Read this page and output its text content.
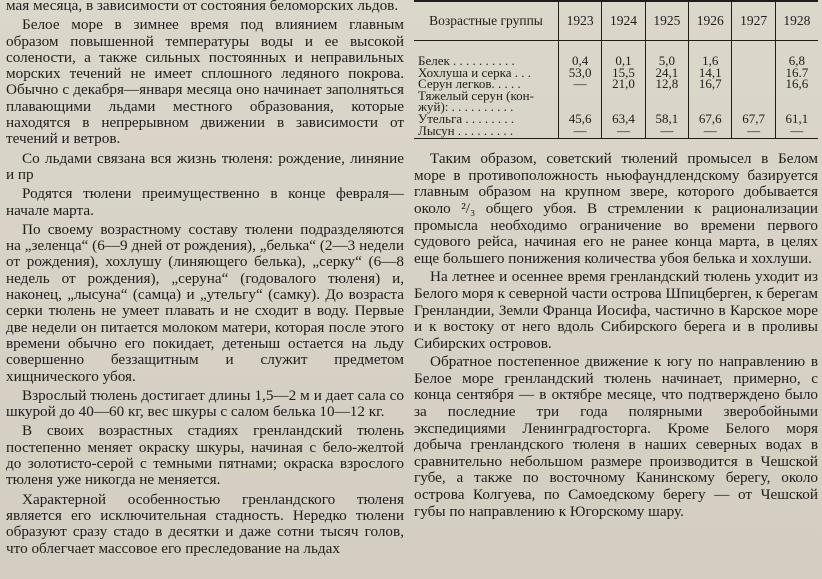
мая месяца, в зависимости от состояния беломорских льдов.

Белое море в зимнее время под влиянием главным образом повышенной температуры воды и ее высокой солености, а также сильных постоянных и неправильных морских течений не имеет сплошного ледяного покрова. Обычно с декабря—января месяца оно начинает заполняться плавающими льдами местного образования, которые находятся в непрерывном движении в зависимости от течений и ветров.

Со льдами связана вся жизнь тюленя: рождение, линяние и пр

Родятся тюлени преимущественно в конце февраля—начале марта.

По своему возрастному составу тюлени подразделяются на „зеленца“ (6—9 дней от рождения), „белька“ (2—3 недели от рождения), хохлушу (линяющего белька), „серку“ (6—8 недель от рождения), „серуна“ (годовалого тюленя) и, наконец, „лысуна“ (самца) и „утельгу“ (самку). До возраста серки тюлень не умеет плавать и не сходит в воду. Первые две недели он питается молоком матери, которая после этого времени обычно его покидает, детеныш остается на льду совершенно беззащитным и служит предметом хищнического убоя.

Взрослый тюлень достигает длины 1,5—2 м и дает сала со шкурой до 40—60 кг, вес шкуры с салом белька 10—12 кг.

В своих возрастных стадиях гренландский тюлень постепенно меняет окраску шкуры, начиная с бело-желтой до золотисто-серой с темными пятнами; окраска взрослого тюленя уже никогда не меняется.

Характерной особенностью гренландского тюленя является его исключительная стадность. Нередко тюлени образуют сразу стадо в десятки и даже сотни тысяч голов, что облегчает массовое его преследование на льдах

Возрастные группы	1923	1924	1925	1926	1927	1928

Белек . . . . . . . . . .	0,4	0,1	5,0	1,6		6,8
Хохлуша и серка . . .	53,0	15,5	24,1	14,1		16.7
Серун легков. . . . .	—	21,0	12,8	16,7		16,6
Тяжелый серун (кон-						
жуй): . . . . . . . . . .						
Утельга . . . . . . . .	45,6	63,4	58,1	67,6	67,7	61,1
Лысун . . . . . . . . .	—	—	—	—	—	—

Таким образом, советский тюлений промысел в Белом море в противоположность ньюфаундлендскому базируется главным образом на крупном звере, которого добывается около ²/₃ общего убоя. В стремлении к рационализации промысла необходимо ограничение во времени первого судового рейса, начиная его не ранее конца марта, в целях еще большего понижения количества убоя белька и хохлуши.

На летнее и осеннее время гренландский тюлень уходит из Белого моря к северной части острова Шпицберген, к берегам Гренландии, Земли Франца Иосифа, частично в Карское море и к востоку от него вдоль Сибирского берега и в проливы Сибирских островов.

Обратное постепенное движение к югу по направлению в Белое море гренландский тюлень начинает, примерно, с конца сентября — в октябре месяце, что подтверждено было за последние три года полярными зверобойными экспедициями Ленинградгосторга. Кроме Белого моря добыча гренландского тюленя в наших северных водах в сравнительно небольшом размере производится в Чешской губе, а также по восточному Канинскому берегу, около острова Колгуева, по Самоедскому берегу — от Чешской губы по направлению к Югорскому шару.
